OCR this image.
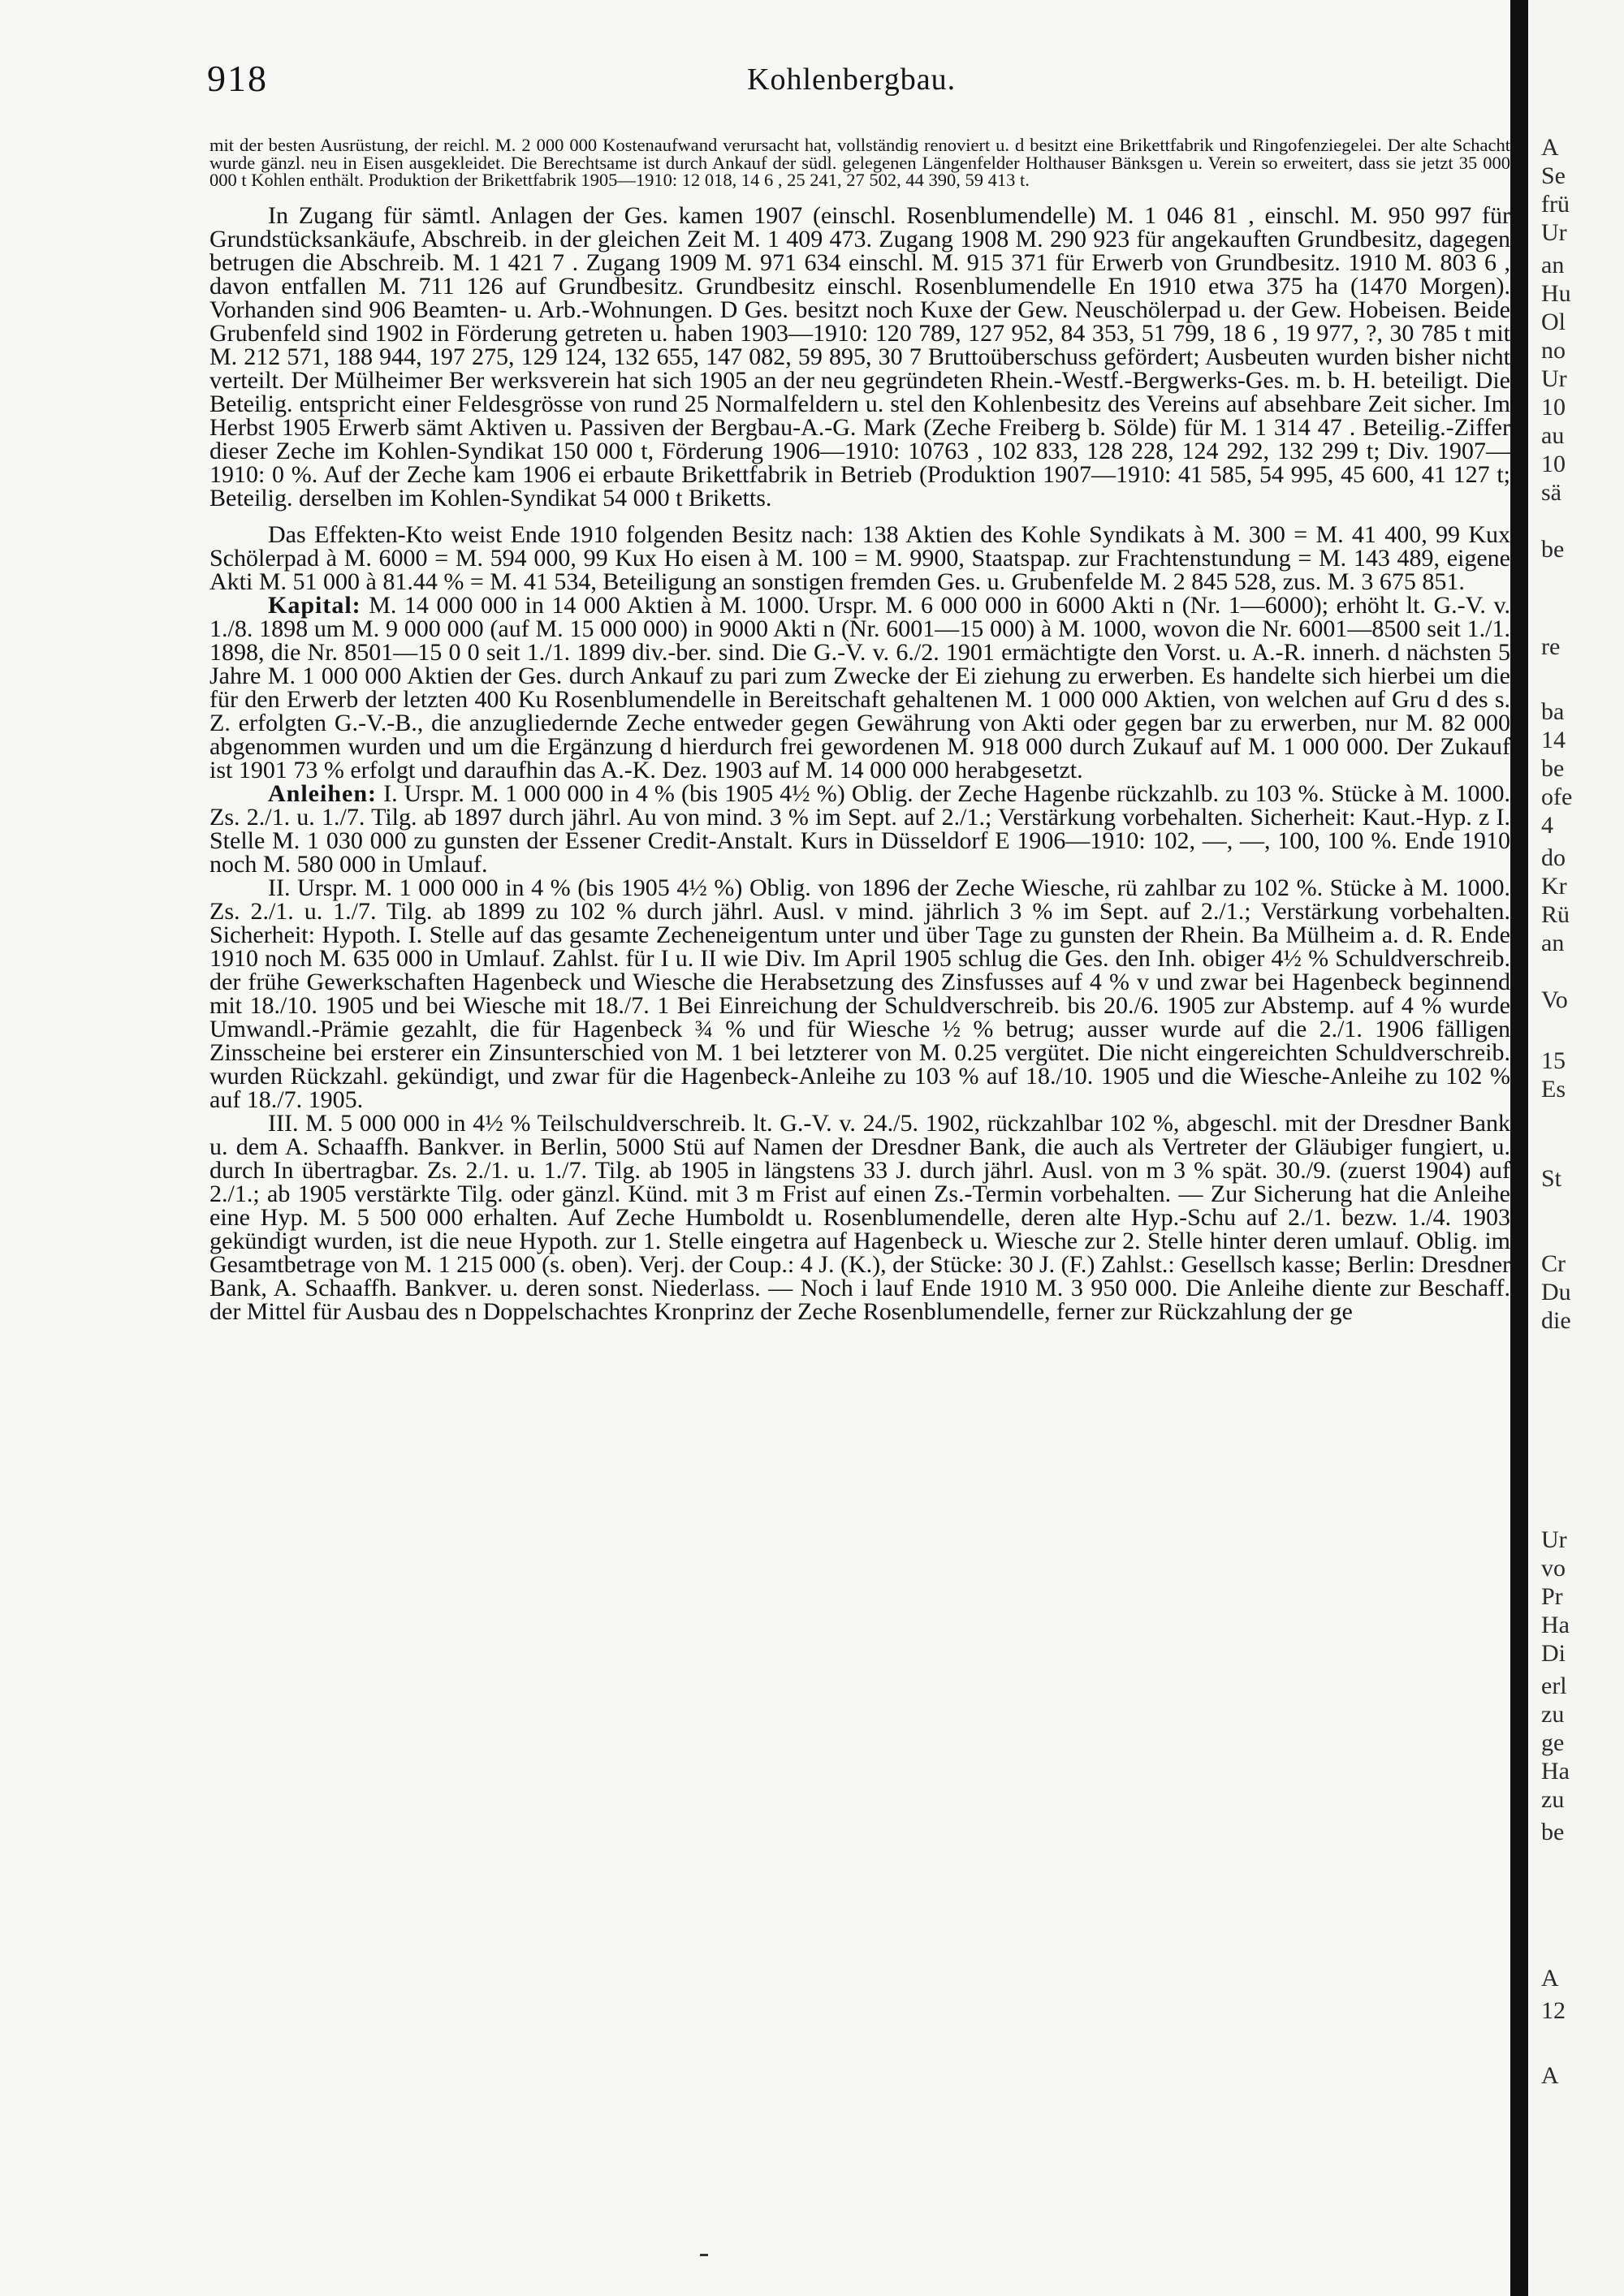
918	Kohlenbergbau.

mit der besten Ausrüstung, der reichl. M. 2 000 000 Kostenaufwand verursacht hat, vollständig renoviert u. d besitzt eine Brikettfabrik und Ringofenziegelei. Der alte Schacht wurde gänzl. neu in Eisen ausgekleidet. Die Berechtsame ist durch Ankauf der südl. gelegenen Längenfelder Holthauser Bänksgen u. Verein so erweitert, dass sie jetzt 35 000 000 t Kohlen enthält. Produktion der Brikettfabrik 1905—1910: 12 018, 14 6 , 25 241, 27 502, 44 390, 59 413 t.

In Zugang für sämtl. Anlagen der Ges. kamen 1907 (einschl. Rosenblumendelle) M. 1 046 81 , einschl. M. 950 997 für Grundstücksankäufe, Abschreib. in der gleichen Zeit M. 1 409 473. Zugang 1908 M. 290 923 für angekauften Grundbesitz, dagegen betrugen die Abschreib. M. 1 421 7 . Zugang 1909 M. 971 634 einschl. M. 915 371 für Erwerb von Grundbesitz. 1910 M. 803 6 , davon entfallen M. 711 126 auf Grundbesitz. Grundbesitz einschl. Rosenblumendelle En 1910 etwa 375 ha (1470 Morgen). Vorhanden sind 906 Beamten- u. Arb.-Wohnungen. D Ges. besitzt noch Kuxe der Gew. Neuschölerpad u. der Gew. Hobeisen. Beide Grubenfeld sind 1902 in Förderung getreten u. haben 1903—1910: 120 789, 127 952, 84 353, 51 799, 18 6 , 19 977, ?, 30 785 t mit M. 212 571, 188 944, 197 275, 129 124, 132 655, 147 082, 59 895, 30 7 Bruttoüberschuss gefördert; Ausbeuten wurden bisher nicht verteilt. Der Mülheimer Ber werksverein hat sich 1905 an der neu gegründeten Rhein.-Westf.-Bergwerks-Ges. m. b. H. beteiligt. Die Beteilig. entspricht einer Feldesgrösse von rund 25 Normalfeldern u. stel den Kohlenbesitz des Vereins auf absehbare Zeit sicher. Im Herbst 1905 Erwerb sämt Aktiven u. Passiven der Bergbau-A.-G. Mark (Zeche Freiberg b. Sölde) für M. 1 314 47 . Beteilig.-Ziffer dieser Zeche im Kohlen-Syndikat 150 000 t, Förderung 1906—1910: 10763 , 102 833, 128 228, 124 292, 132 299 t; Div. 1907—1910: 0 %. Auf der Zeche kam 1906 ei erbaute Brikettfabrik in Betrieb (Produktion 1907—1910: 41 585, 54 995, 45 600, 41 127 t; Beteilig. derselben im Kohlen-Syndikat 54 000 t Briketts.

Das Effekten-Kto weist Ende 1910 folgenden Besitz nach: 138 Aktien des Kohle Syndikats à M. 300 = M. 41 400, 99 Kux Schölerpad à M. 6000 = M. 594 000, 99 Kux Ho eisen à M. 100 = M. 9900, Staatspap. zur Frachtenstundung = M. 143 489, eigene Akti M. 51 000 à 81.44 % = M. 41 534, Beteiligung an sonstigen fremden Ges. u. Grubenfelde M. 2 845 528, zus. M. 3 675 851.

Kapital: M. 14 000 000 in 14 000 Aktien à M. 1000. Urspr. M. 6 000 000 in 6000 Akti n (Nr. 1—6000); erhöht lt. G.-V. v. 1./8. 1898 um M. 9 000 000 (auf M. 15 000 000) in 9000 Akti n (Nr. 6001—15 000) à M. 1000, wovon die Nr. 6001—8500 seit 1./1. 1898, die Nr. 8501—15 0 0 seit 1./1. 1899 div.-ber. sind. Die G.-V. v. 6./2. 1901 ermächtigte den Vorst. u. A.-R. innerh. d nächsten 5 Jahre M. 1 000 000 Aktien der Ges. durch Ankauf zu pari zum Zwecke der Ei ziehung zu erwerben. Es handelte sich hierbei um die für den Erwerb der letzten 400 Ku Rosenblumendelle in Bereitschaft gehaltenen M. 1 000 000 Aktien, von welchen auf Gru d des s. Z. erfolgten G.-V.-B., die anzugliedernde Zeche entweder gegen Gewährung von Akti oder gegen bar zu erwerben, nur M. 82 000 abgenommen wurden und um die Ergänzung d hierdurch frei gewordenen M. 918 000 durch Zukauf auf M. 1 000 000. Der Zukauf ist 1901 73 % erfolgt und daraufhin das A.-K. Dez. 1903 auf M. 14 000 000 herabgesetzt.

Anleihen: I. Urspr. M. 1 000 000 in 4 % (bis 1905 4½ %) Oblig. der Zeche Hagenbe rückzahlb. zu 103 %. Stücke à M. 1000. Zs. 2./1. u. 1./7. Tilg. ab 1897 durch jährl. Au von mind. 3 % im Sept. auf 2./1.; Verstärkung vorbehalten. Sicherheit: Kaut.-Hyp. z I. Stelle M. 1 030 000 zu gunsten der Essener Credit-Anstalt. Kurs in Düsseldorf E 1906—1910: 102, —, —, 100, 100 %. Ende 1910 noch M. 580 000 in Umlauf.

II. Urspr. M. 1 000 000 in 4 % (bis 1905 4½ %) Oblig. von 1896 der Zeche Wiesche, rü zahlbar zu 102 %. Stücke à M. 1000. Zs. 2./1. u. 1./7. Tilg. ab 1899 zu 102 % durch jährl. Ausl. v mind. jährlich 3 % im Sept. auf 2./1.; Verstärkung vorbehalten. Sicherheit: Hypoth. I. Stelle auf das gesamte Zecheneigentum unter und über Tage zu gunsten der Rhein. Ba Mülheim a. d. R. Ende 1910 noch M. 635 000 in Umlauf. Zahlst. für I u. II wie Div. Im April 1905 schlug die Ges. den Inh. obiger 4½ % Schuldverschreib. der frühe Gewerkschaften Hagenbeck und Wiesche die Herabsetzung des Zinsfusses auf 4 % v und zwar bei Hagenbeck beginnend mit 18./10. 1905 und bei Wiesche mit 18./7. 1 Bei Einreichung der Schuldverschreib. bis 20./6. 1905 zur Abstemp. auf 4 % wurde Umwandl.-Prämie gezahlt, die für Hagenbeck ¾ % und für Wiesche ½ % betrug; ausser wurde auf die 2./1. 1906 fälligen Zinsscheine bei ersterer ein Zinsunterschied von M. 1 bei letzterer von M. 0.25 vergütet. Die nicht eingereichten Schuldverschreib. wurden Rückzahl. gekündigt, und zwar für die Hagenbeck-Anleihe zu 103 % auf 18./10. 1905 und die Wiesche-Anleihe zu 102 % auf 18./7. 1905.

III. M. 5 000 000 in 4½ % Teilschuldverschreib. lt. G.-V. v. 24./5. 1902, rückzahlbar 102 %, abgeschl. mit der Dresdner Bank u. dem A. Schaaffh. Bankver. in Berlin, 5000 Stü auf Namen der Dresdner Bank, die auch als Vertreter der Gläubiger fungiert, u. durch In übertragbar. Zs. 2./1. u. 1./7. Tilg. ab 1905 in längstens 33 J. durch jährl. Ausl. von m 3 % spät. 30./9. (zuerst 1904) auf 2./1.; ab 1905 verstärkte Tilg. oder gänzl. Künd. mit 3 m Frist auf einen Zs.-Termin vorbehalten. — Zur Sicherung hat die Anleihe eine Hyp. M. 5 500 000 erhalten. Auf Zeche Humboldt u. Rosenblumendelle, deren alte Hyp.-Schu auf 2./1. bezw. 1./4. 1903 gekündigt wurden, ist die neue Hypoth. zur 1. Stelle eingetra auf Hagenbeck u. Wiesche zur 2. Stelle hinter deren umlauf. Oblig. im Gesamtbetrage von M. 1 215 000 (s. oben). Verj. der Coup.: 4 J. (K.), der Stücke: 30 J. (F.) Zahlst.: Gesellsch kasse; Berlin: Dresdner Bank, A. Schaaffh. Bankver. u. deren sonst. Niederlass. — Noch i lauf Ende 1910 M. 3 950 000. Die Anleihe diente zur Beschaff. der Mittel für Ausbau des n Doppelschachtes Kronprinz der Zeche Rosenblumendelle, ferner zur Rückzahlung der ge

A
Se
frü
Ur
an
Hu
Ol
no
Ur
10
au
10
sä
be
re
ba
14
be
ofe
4
do
Kr
Rü
an
Vo
15
Es
St
Cr
Du
die
Ur
vo
Pr
Ha
Di
erl
zu
ge
Ha
zu
be
A
12
A
